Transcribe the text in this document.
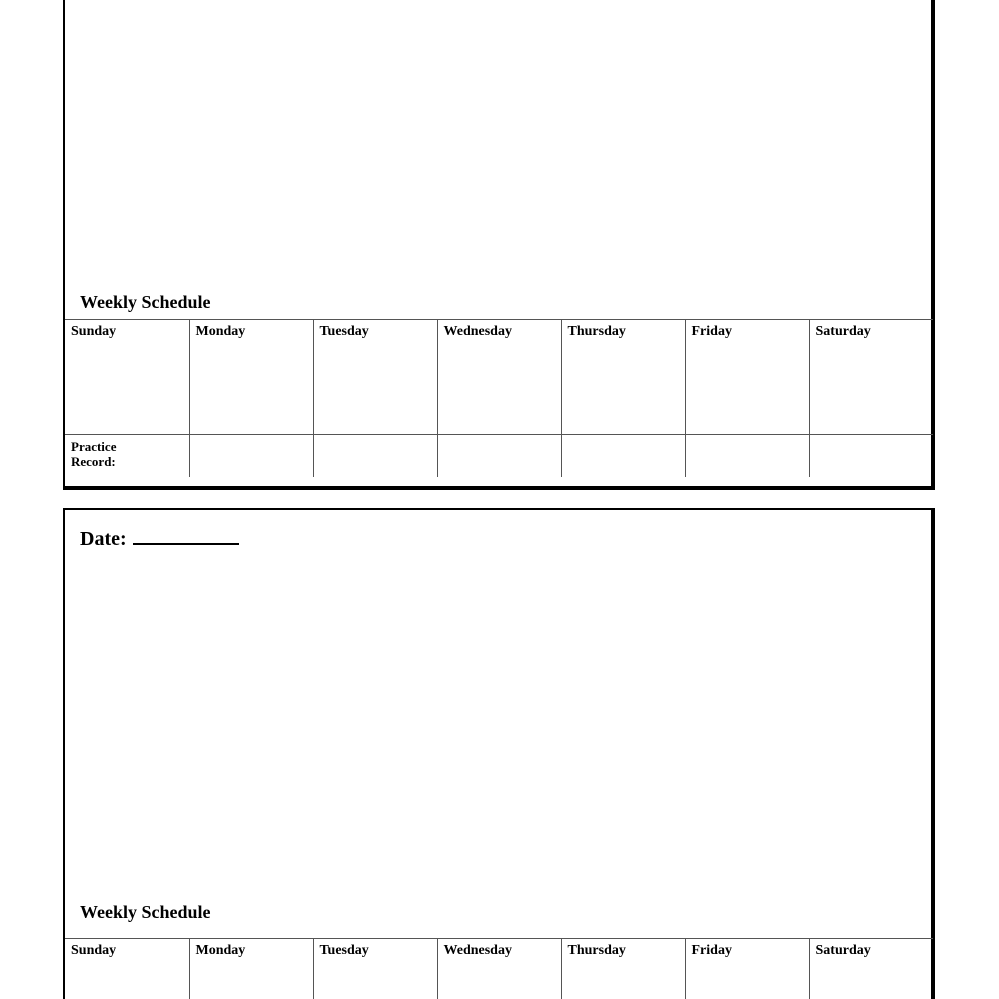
Weekly Schedule
Sunday	Monday	Tuesday	Wednesday	Thursday	Friday	Saturday

Practice
Record:						

Date:
Weekly Schedule
Sunday	Monday	Tuesday	Wednesday	Thursday	Friday	Saturday
